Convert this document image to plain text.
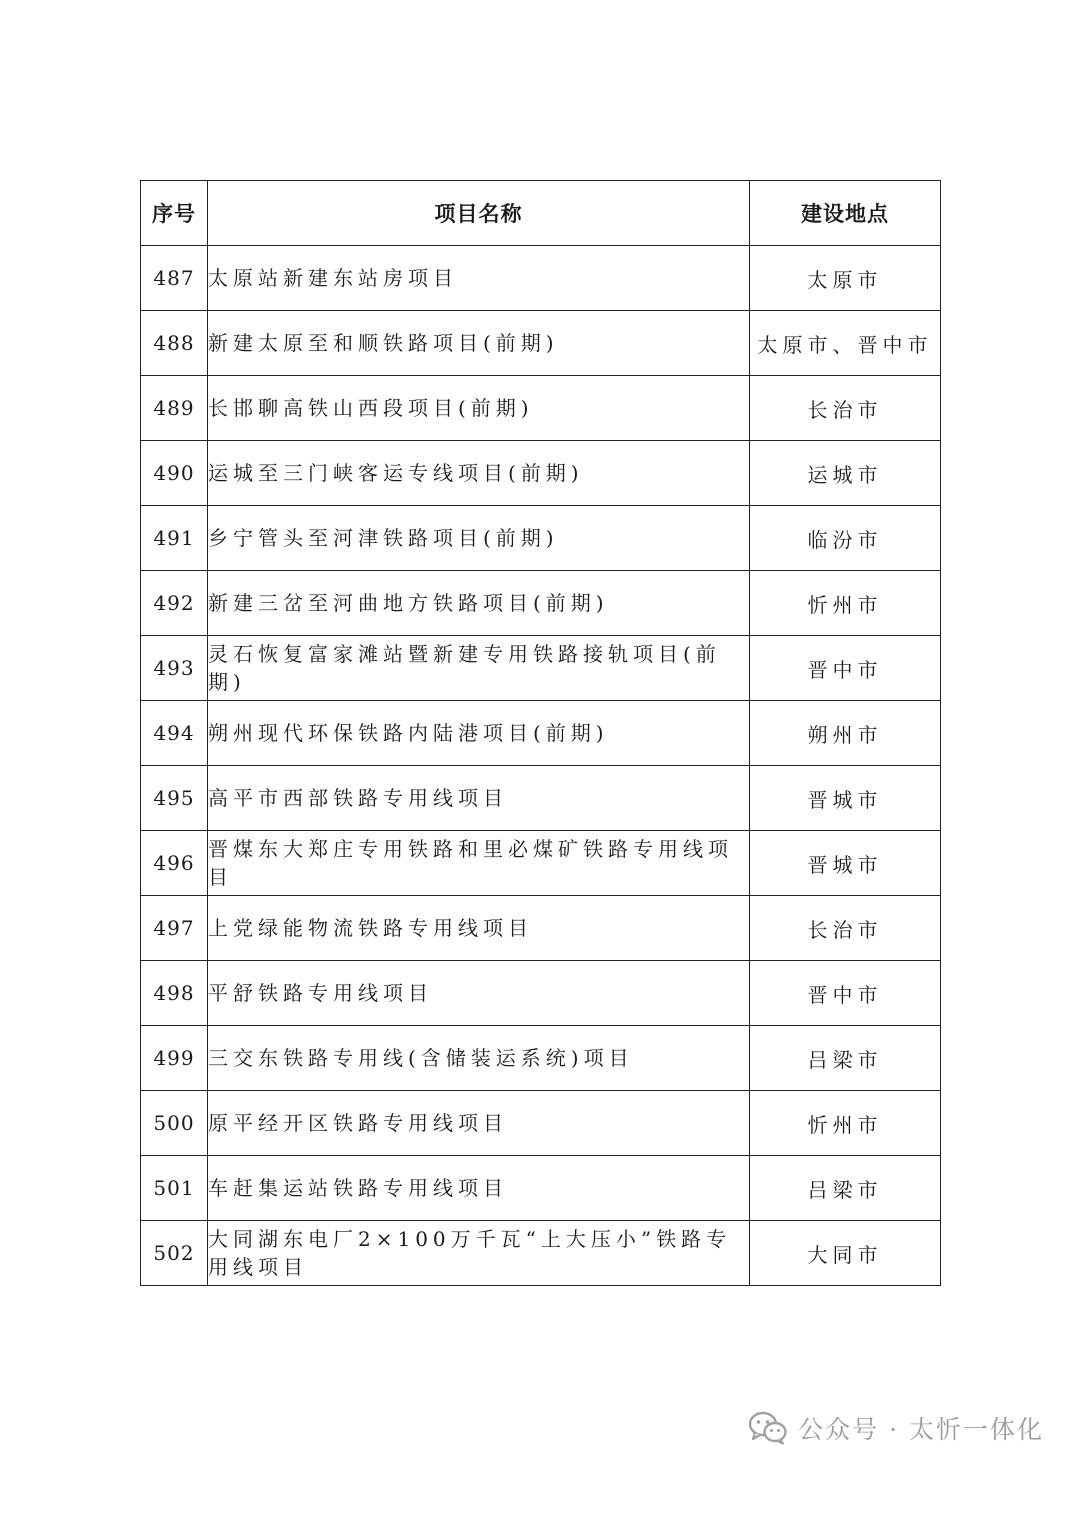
序号	项目名称	建设地点
487	太原站新建东站房项目	太原市
488	新建太原至和顺铁路项目(前期)	太原市、晋中市
489	长邯聊高铁山西段项目(前期)	长治市
490	运城至三门峡客运专线项目(前期)	运城市
491	乡宁管头至河津铁路项目(前期)	临汾市
492	新建三岔至河曲地方铁路项目(前期)	忻州市
493	灵石恢复富家滩站暨新建专用铁路接轨项目(前期)	晋中市
494	朔州现代环保铁路内陆港项目(前期)	朔州市
495	高平市西部铁路专用线项目	晋城市
496	晋煤东大郑庄专用铁路和里必煤矿铁路专用线项目	晋城市
497	上党绿能物流铁路专用线项目	长治市
498	平舒铁路专用线项目	晋中市
499	三交东铁路专用线(含储装运系统)项目	吕梁市
500	原平经开区铁路专用线项目	忻州市
501	车赶集运站铁路专用线项目	吕梁市
502	大同湖东电厂2×100万千瓦“上大压小”铁路专用线项目	大同市
公众号 · 太忻一体化
